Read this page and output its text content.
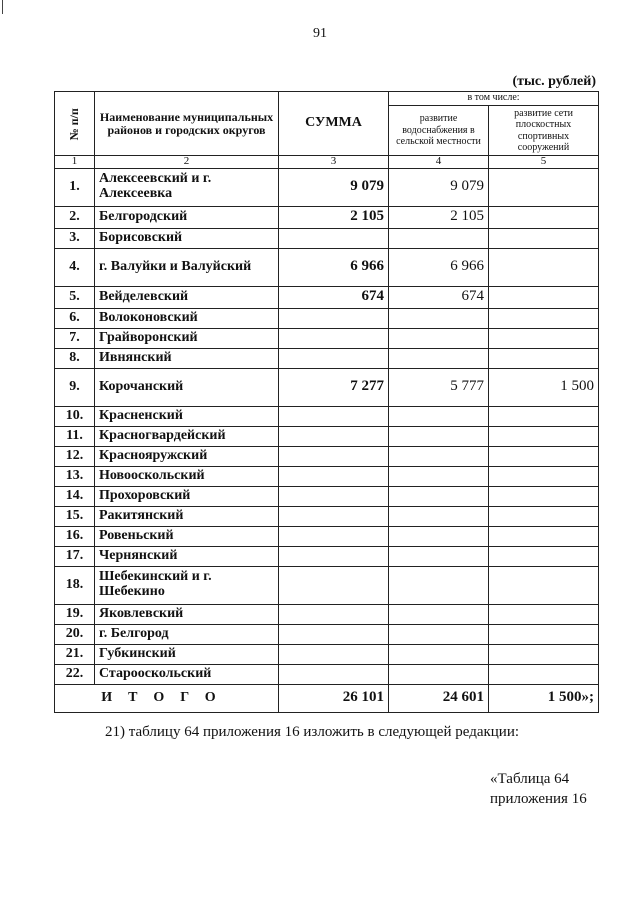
91
(тыс. рублей)
№ п/п	Наименование муниципальных районов и городских округов	СУММА	в том числе:	
			развитие водоснабжения в сельской местности	развитие сети плоскостных спортивных сооружений
1	2	3	4	5
1.	Алексеевский и г. Алексеевка	9 079	9 079	
2.	Белгородский	2 105	2 105	
3.	Борисовский			
4.	г. Валуйки и Валуйский	6 966	6 966	
5.	Вейделевский	674	674	
6.	Волоконовский			
7.	Грайворонский			
8.	Ивнянский			
9.	Корочанский	7 277	5 777	1 500
10.	Красненский			
11.	Красногвардейский			
12.	Краснояружский			
13.	Новооскольский			
14.	Прохоровский			
15.	Ракитянский			
16.	Ровеньский			
17.	Чернянский			
18.	Шебекинский и г. Шебекино			
19.	Яковлевский			
20.	г. Белгород			
21.	Губкинский			
22.	Старооскольский			
ИТОГО		26 101	24 601	1 500»;
21) таблицу 64 приложения 16 изложить в следующей редакции:
«Таблица 64
приложения 16
